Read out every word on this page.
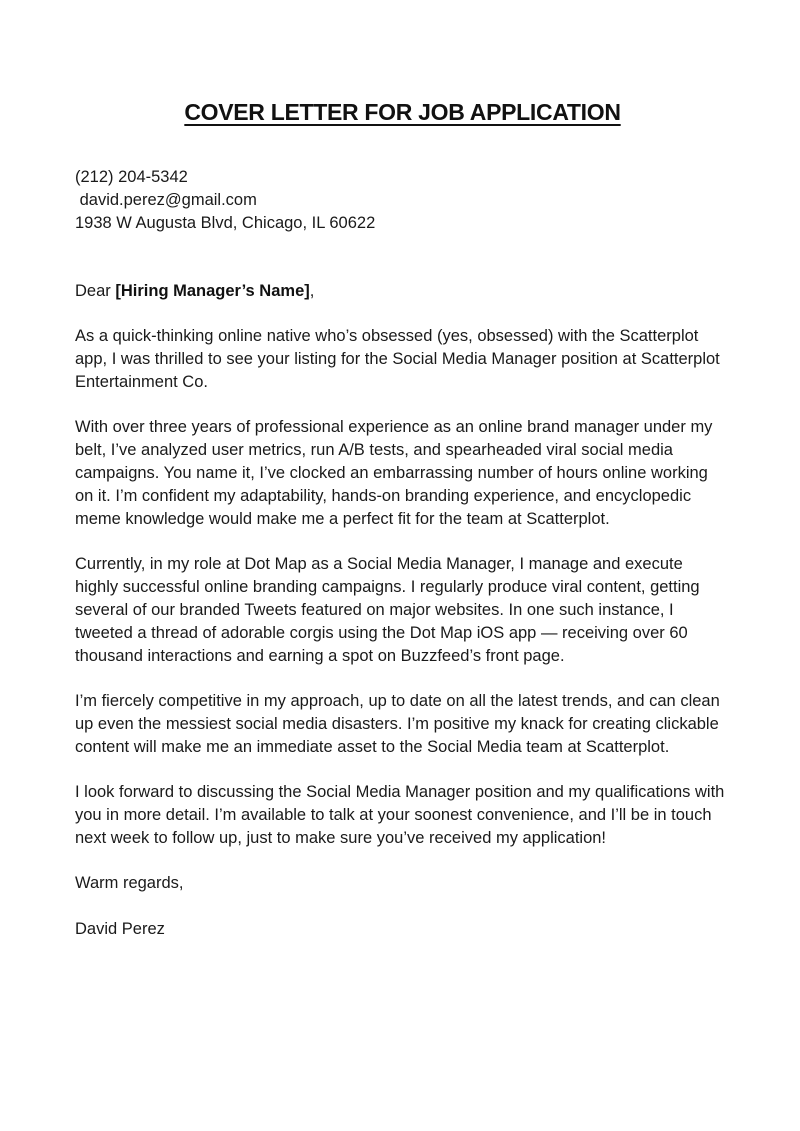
COVER LETTER FOR JOB APPLICATION
(212) 204-5342
david.perez@gmail.com
1938 W Augusta Blvd, Chicago, IL 60622
Dear [Hiring Manager’s Name],

As a quick-thinking online native who’s obsessed (yes, obsessed) with the Scatterplot app, I was thrilled to see your listing for the Social Media Manager position at Scatterplot Entertainment Co.

With over three years of professional experience as an online brand manager under my belt, I’ve analyzed user metrics, run A/B tests, and spearheaded viral social media campaigns. You name it, I’ve clocked an embarrassing number of hours online working on it. I’m confident my adaptability, hands-on branding experience, and encyclopedic meme knowledge would make me a perfect fit for the team at Scatterplot.

Currently, in my role at Dot Map as a Social Media Manager, I manage and execute highly successful online branding campaigns. I regularly produce viral content, getting several of our branded Tweets featured on major websites. In one such instance, I tweeted a thread of adorable corgis using the Dot Map iOS app — receiving over 60 thousand interactions and earning a spot on Buzzfeed’s front page.

I’m fiercely competitive in my approach, up to date on all the latest trends, and can clean up even the messiest social media disasters. I’m positive my knack for creating clickable content will make me an immediate asset to the Social Media team at Scatterplot.

I look forward to discussing the Social Media Manager position and my qualifications with you in more detail. I’m available to talk at your soonest convenience, and I’ll be in touch next week to follow up, just to make sure you’ve received my application!

Warm regards,

David Perez
